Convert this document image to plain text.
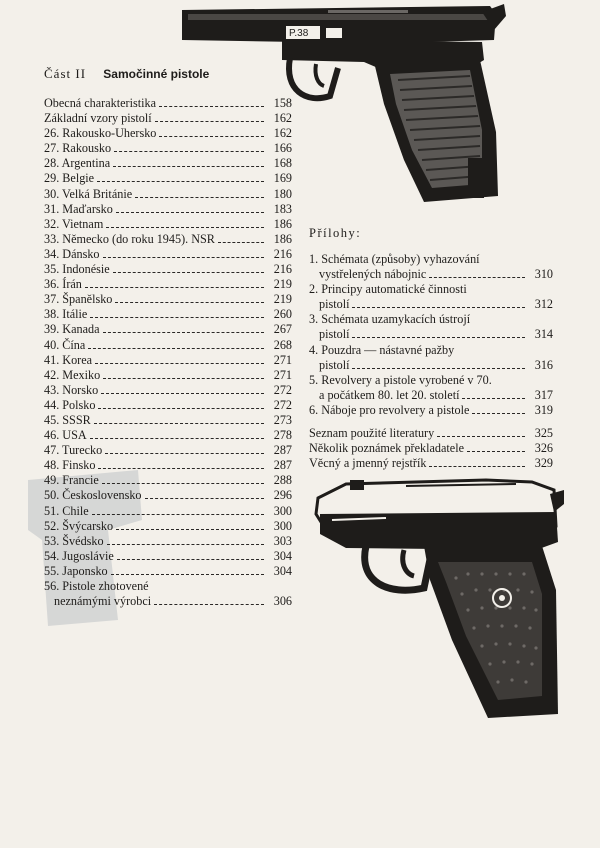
P.38
Část II Samočinné pistole
Obecná charakteristika	158
Základní vzory pistolí	162
26. Rakousko-Uhersko	162
27. Rakousko	166
28. Argentina	168
29. Belgie	169
30. Velká Británie	180
31. Maďarsko	183
32. Vietnam	186
33. Německo (do roku 1945). NSR	186
34. Dánsko	216
35. Indonésie	216
36. Írán	219
37. Španělsko	219
38. Itálie	260
39. Kanada	267
40. Čína	268
41. Korea	271
42. Mexiko	271
43. Norsko	272
44. Polsko	272
45. SSSR	273
46. USA	278
47. Turecko	287
48. Finsko	287
49. Francie	288
50. Československo	296
51. Chile	300
52. Švýcarsko	300
53. Švédsko	303
54. Jugoslávie	304
55. Japonsko	304
56. Pistole zhotovené
neznámými výrobci	306
Přílohy:
1. Schémata (způsoby) vyhazování
vystřelených nábojnic	310
2. Principy automatické činnosti
pistolí	312
3. Schémata uzamykacích ústrojí
pistolí	314
4. Pouzdra — nástavné pažby
pistolí	316
5. Revolvery a pistole vyrobené v 70.
a počátkem 80. let 20. století	317
6. Náboje pro revolvery a pistole	319
Seznam použité literatury	325
Několik poznámek překladatele	326
Věcný a jmenný rejstřík	329
